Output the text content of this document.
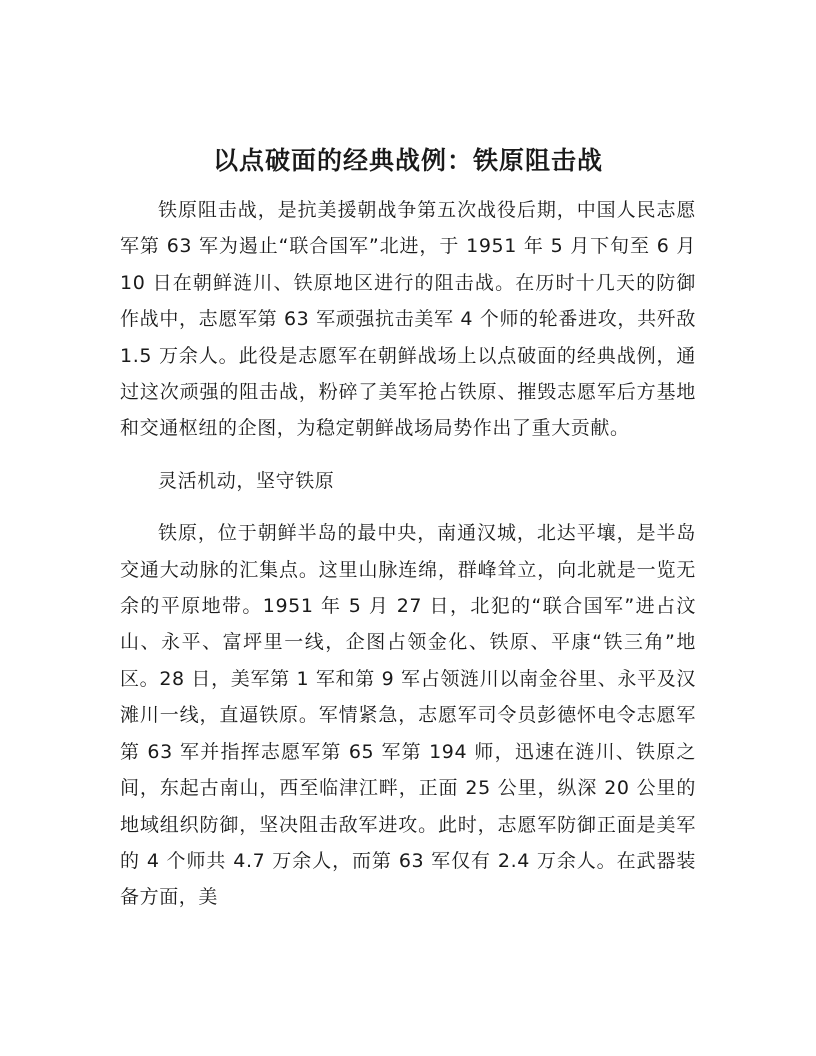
以点破面的经典战例：铁原阻击战

铁原阻击战，是抗美援朝战争第五次战役后期，中国人民志愿军第 63 军为遏止“联合国军”北进，于 1951 年 5 月下旬至 6 月 10 日在朝鲜涟川、铁原地区进行的阻击战。在历时十几天的防御作战中，志愿军第 63 军顽强抗击美军 4 个师的轮番进攻，共歼敌 1.5 万余人。此役是志愿军在朝鲜战场上以点破面的经典战例，通过这次顽强的阻击战，粉碎了美军抢占铁原、摧毁志愿军后方基地和交通枢纽的企图，为稳定朝鲜战场局势作出了重大贡献。

灵活机动，坚守铁原

铁原，位于朝鲜半岛的最中央，南通汉城，北达平壤，是半岛交通大动脉的汇集点。这里山脉连绵，群峰耸立，向北就是一览无余的平原地带。1951 年 5 月 27 日，北犯的“联合国军”进占汶山、永平、富坪里一线，企图占领金化、铁原、平康“铁三角”地区。28 日，美军第 1 军和第 9 军占领涟川以南金谷里、永平及汉滩川一线，直逼铁原。军情紧急，志愿军司令员彭德怀电令志愿军第 63 军并指挥志愿军第 65 军第 194 师，迅速在涟川、铁原之间，东起古南山，西至临津江畔，正面 25 公里，纵深 20 公里的地域组织防御，坚决阻击敌军进攻。此时，志愿军防御正面是美军的 4 个师共 4.7 万余人，而第 63 军仅有 2.4 万余人。在武器装备方面，美
